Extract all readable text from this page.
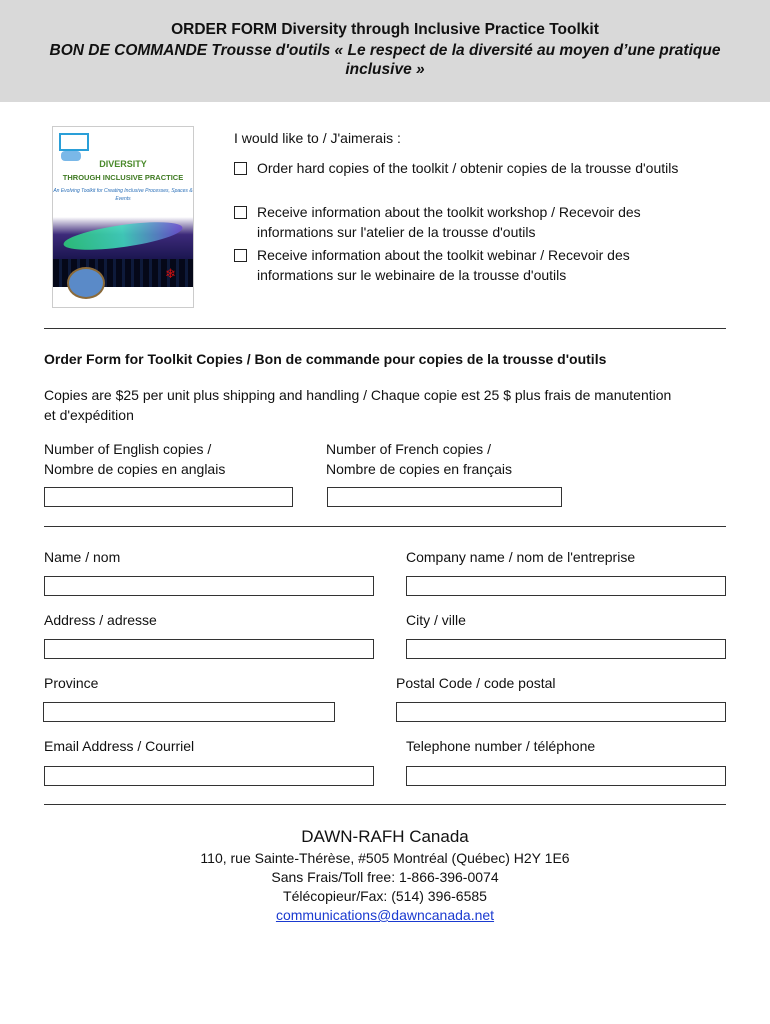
ORDER FORM Diversity through Inclusive Practice Toolkit
BON DE COMMANDE Trousse d'outils « Le respect de la diversité au moyen d’une pratique inclusive »
DIVERSITY
THROUGH INCLUSIVE PRACTICE
An Evolving Toolkit for Creating Inclusive Processes, Spaces & Events
❄
I would like to / J'aimerais :
Order hard copies of the toolkit / obtenir copies de la trousse d'outils
Receive information about the toolkit workshop / Recevoir des informations sur l'atelier de la trousse d'outils
Receive information about the toolkit webinar / Recevoir des informations sur le webinaire de la trousse d'outils
Order Form for Toolkit Copies / Bon de commande pour copies de la trousse d'outils
Copies are $25 per unit plus shipping and handling / Chaque copie est 25 $ plus frais de manutention et d'expédition
Number of English copies /
Nombre de copies en anglais
Number of French copies /
Nombre de copies en français
Name / nom	Company name / nom de l'entreprise
Address / adresse	City / ville
Province	Postal Code / code postal
Email Address / Courriel	Telephone number / téléphone
DAWN-RAFH Canada
110, rue Sainte-Thérèse, #505 Montréal (Québec) H2Y 1E6
Sans Frais/Toll free: 1-866-396-0074
Télécopieur/Fax: (514) 396-6585
communications@dawncanada.net
